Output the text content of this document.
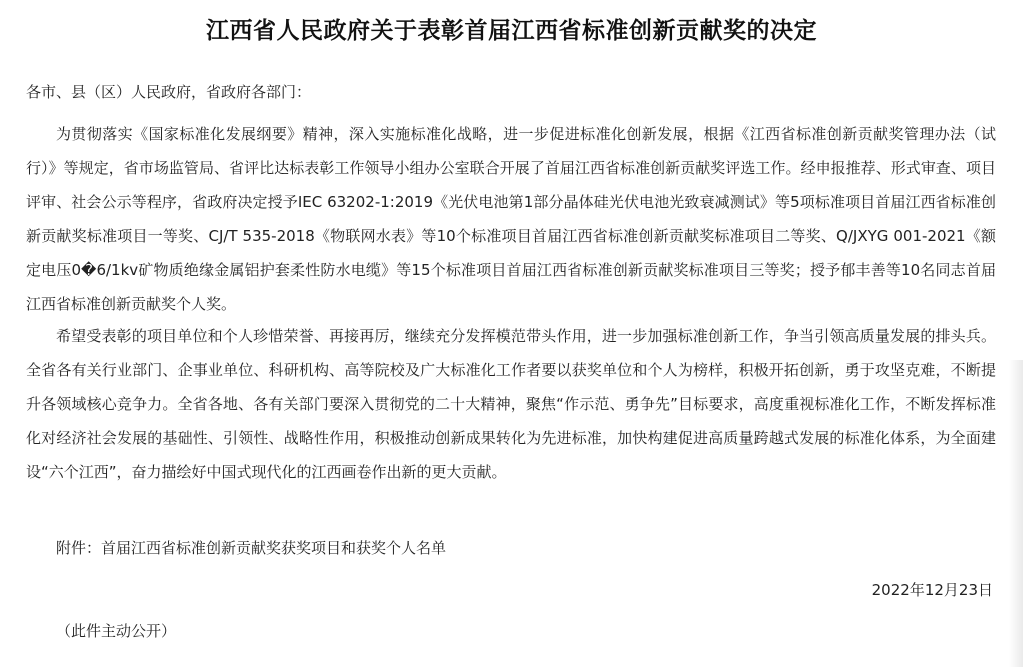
江西省人民政府关于表彰首届江西省标准创新贡献奖的决定
各市、县（区）人民政府，省政府各部门：
为贯彻落实《国家标准化发展纲要》精神，深入实施标准化战略，进一步促进标准化创新发展，根据《江西省标准创新贡献奖管理办法（试行）》等规定，省市场监管局、省评比达标表彰工作领导小组办公室联合开展了首届江西省标准创新贡献奖评选工作。经申报推荐、形式审查、项目评审、社会公示等程序，省政府决定授予IEC 63202-1:2019《光伏电池第1部分晶体硅光伏电池光致衰减测试》等5项标准项目首届江西省标准创新贡献奖标准项目一等奖、CJ/T 535-2018《物联网水表》等10个标准项目首届江西省标准创新贡献奖标准项目二等奖、Q/JXYG 001-2021《额定电压0�6/1kv矿物质绝缘金属铝护套柔性防水电缆》等15个标准项目首届江西省标准创新贡献奖标准项目三等奖；授予郁丰善等10名同志首届江西省标准创新贡献奖个人奖。
希望受表彰的项目单位和个人珍惜荣誉、再接再厉，继续充分发挥模范带头作用，进一步加强标准创新工作，争当引领高质量发展的排头兵。全省各有关行业部门、企事业单位、科研机构、高等院校及广大标准化工作者要以获奖单位和个人为榜样，积极开拓创新，勇于攻坚克难，不断提升各领域核心竞争力。全省各地、各有关部门要深入贯彻党的二十大精神，聚焦“作示范、勇争先”目标要求，高度重视标准化工作，不断发挥标准化对经济社会发展的基础性、引领性、战略性作用，积极推动创新成果转化为先进标准，加快构建促进高质量跨越式发展的标准化体系，为全面建设“六个江西”，奋力描绘好中国式现代化的江西画卷作出新的更大贡献。
附件：首届江西省标准创新贡献奖获奖项目和获奖个人名单
2022年12月23日
（此件主动公开）
